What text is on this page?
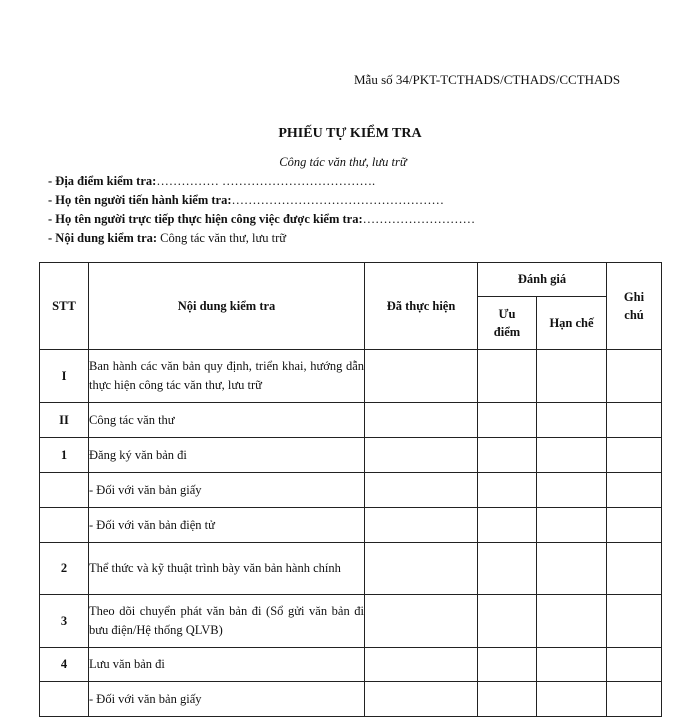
Mẫu số 34/PKT-TCTHADS/CTHADS/CCTHADS
PHIẾU TỰ KIỂM TRA
Công tác văn thư, lưu trữ
- Địa điểm kiểm tra:…………… ……………………………….
- Họ tên người tiến hành kiểm tra:……………………………………………
- Họ tên người trực tiếp thực hiện công việc được kiểm tra:………………………
- Nội dung kiểm tra: Công tác văn thư, lưu trữ
STT	Nội dung kiểm tra	Đã thực hiện	Đánh giá		Ghi chú
			Ưu điểm	Hạn chế	
I	Ban hành các văn bản quy định, triển khai, hướng dẫn thực hiện công tác văn thư, lưu trữ				
II	Công tác văn thư				
1	Đăng ký văn bản đi				
	- Đối với văn bản giấy				
	- Đối với văn bản điện tử				
2	Thể thức và kỹ thuật trình bày văn bản hành chính				
3	Theo dõi chuyển phát văn bản đi (Sổ gửi văn bản đi bưu điện/Hệ thống QLVB)				
4	Lưu văn bản đi				
	- Đối với văn bản giấy				
